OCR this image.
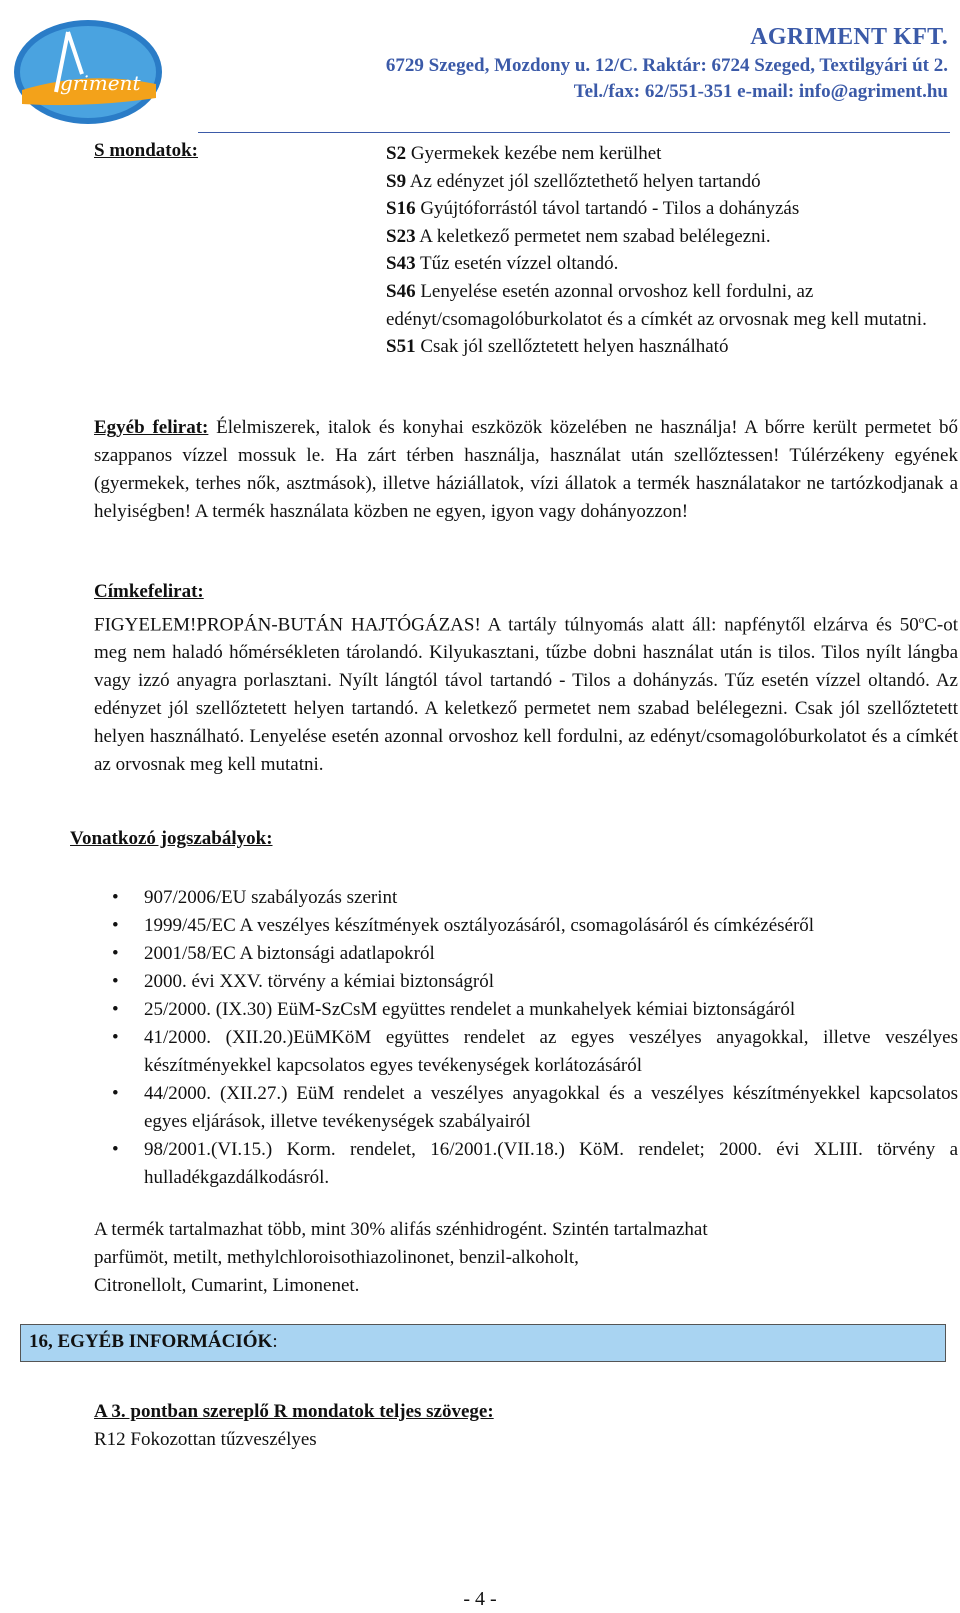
griment
AGRIMENT KFT.
6729 Szeged, Mozdony u. 12/C. Raktár: 6724 Szeged, Textilgyári út 2.
Tel./fax: 62/551-351 e-mail: info@agriment.hu
S mondatok:	S2 Gyermekek kezébe nem kerülhet
S9 Az edényzet jól szellőztethető helyen tartandó
S16 Gyújtóforrástól távol tartandó - Tilos a dohányzás
S23 A keletkező permetet nem szabad belélegezni.
S43 Tűz esetén vízzel oltandó.
S46 Lenyelése esetén azonnal orvoshoz kell fordulni, az edényt/csomagolóburkolatot és a címkét az orvosnak meg kell mutatni.
S51 Csak jól szellőztetett helyen használható
Egyéb felirat: Élelmiszerek, italok és konyhai eszközök közelében ne használja! A bőrre került permetet bő szappanos vízzel mossuk le. Ha zárt térben használja, használat után szellőztessen! Túlérzékeny egyének (gyermekek, terhes nők, asztmások), illetve háziállatok, vízi állatok a termék használatakor ne tartózkodjanak a helyiségben! A termék használata közben ne egyen, igyon vagy dohányozzon!
Címkefelirat:
FIGYELEM!PROPÁN-BUTÁN HAJTÓGÁZAS! A tartály túlnyomás alatt áll: napfénytől elzárva és 50$^o$C-ot meg nem haladó hőmérsékleten tárolandó. Kilyukasztani, tűzbe dobni használat után is tilos. Tilos nyílt lángba vagy izzó anyagra porlasztani. Nyílt lángtól távol tartandó - Tilos a dohányzás. Tűz esetén vízzel oltandó. Az edényzet jól szellőztetett helyen tartandó. A keletkező permetet nem szabad belélegezni. Csak jól szellőztetett helyen használható. Lenyelése esetén azonnal orvoshoz kell fordulni, az edényt/csomagolóburkolatot és a címkét az orvosnak meg kell mutatni.
Vonatkozó jogszabályok:
• 907/2006/EU szabályozás szerint
• 1999/45/EC A veszélyes készítmények osztályozásáról, csomagolásáról és címkézéséről
• 2001/58/EC A biztonsági adatlapokról
• 2000. évi XXV. törvény a kémiai biztonságról
• 25/2000. (IX.30) EüM-SzCsM együttes rendelet a munkahelyek kémiai biztonságáról
• 41/2000. (XII.20.)EüMKöM együttes rendelet az egyes veszélyes anyagokkal, illetve veszélyes készítményekkel kapcsolatos egyes tevékenységek korlátozásáról
• 44/2000. (XII.27.) EüM rendelet a veszélyes anyagokkal és a veszélyes készítményekkel kapcsolatos egyes eljárások, illetve tevékenységek szabályairól
• 98/2001.(VI.15.) Korm. rendelet, 16/2001.(VII.18.) KöM. rendelet; 2000. évi XLIII. törvény a hulladékgazdálkodásról.
A termék tartalmazhat több, mint 30% alifás szénhidrogént. Szintén tartalmazhat
parfümöt, metilt, methylchloroisothiazolinonet, benzil-alkoholt,
Citronellolt, Cumarint, Limonenet.
16, EGYÉB INFORMÁCIÓK:
A 3. pontban szereplő R mondatok teljes szövege:
R12 Fokozottan tűzveszélyes
- 4 -
